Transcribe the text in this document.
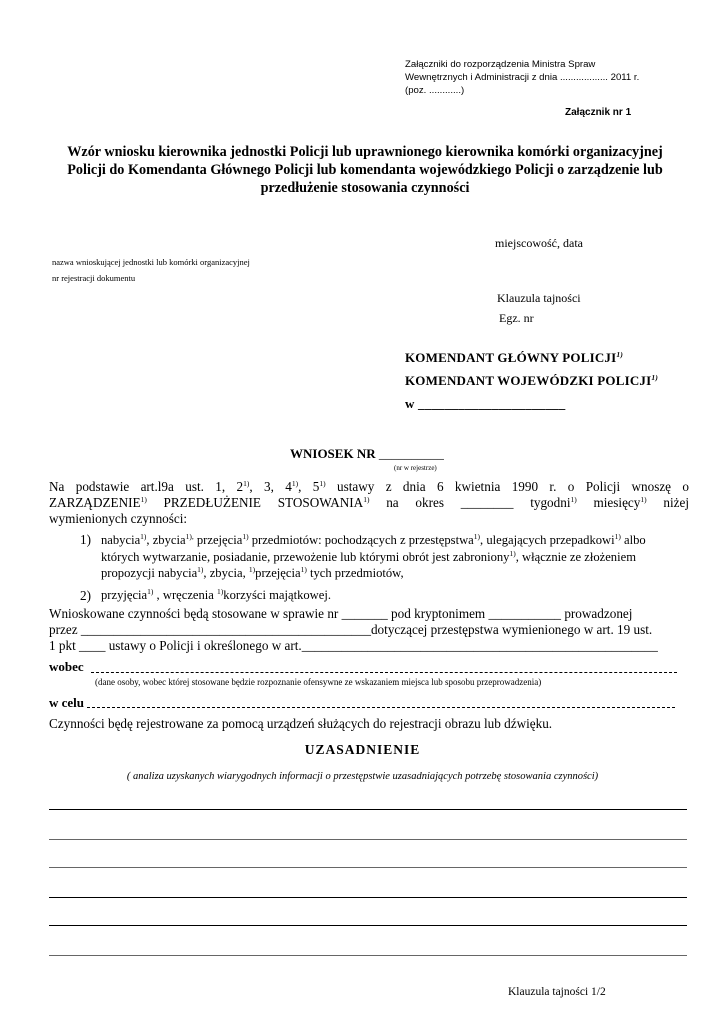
Załączniki do rozporządzenia Ministra Spraw
Wewnętrznych i Administracji z dnia .................. 2011 r.
(poz. ............)
Załącznik nr 1
Wzór wniosku kierownika jednostki Policji lub uprawnionego kierownika komórki organizacyjnej
Policji do Komendanta Głównego Policji lub komendanta wojewódzkiego Policji o zarządzenie lub
przedłużenie stosowania czynności
miejscowość, data
nazwa wnioskującej jednostki lub komórki organizacyjnej
nr rejestracji dokumentu
Klauzula tajności
Egz. nr
KOMENDANT GŁÓWNY POLICJI$^{1)}$
KOMENDANT WOJEWÓDZKI POLICJI$^{1)}$
w ______________________
WNIOSEK NR __________
(nr w rejestrze)
Na podstawie art.l9a ust. 1, 2$^{1)}$, 3, 4$^{1)}$, 5$^{1)}$ ustawy z dnia 6 kwietnia 1990 r. o Policji wnoszę o
ZARZĄDZENIE$^{1)}$ PRZEDŁUŻENIE STOSOWANIA$^{1)}$ na okres ________ tygodni$^{1)}$ miesięcy$^{1)}$ niżej
wymienionych czynności:
1) nabycia$^{1)}$, zbycia$^{1),}$ przejęcia$^{1)}$ przedmiotów: pochodzących z przestępstwa$^{1)}$, ulegających przepadkowi$^{1)}$ albo
których wytwarzanie, posiadanie, przewożenie lub którymi obrót jest zabroniony$^{1)}$, włącznie ze złożeniem
propozycji nabycia$^{1)}$, zbycia, $^{1)}$przejęcia$^{1)}$ tych przedmiotów,
2) przyjęcia$^{1)}$ , wręczenia $^{1)}$korzyści majątkowej.
Wnioskowane czynności będą stosowane w sprawie nr _______ pod kryptonimem ___________ prowadzonej
przez ____________________________________________dotyczącej przestępstwa wymienionego w art. 19 ust.
1 pkt ____ ustawy o Policji i określonego w art.______________________________________________________
wobec
(dane osoby, wobec której stosowane będzie rozpoznanie ofensywne ze wskazaniem miejsca lub sposobu przeprowadzenia)
w celu
Czynności będę rejestrowane za pomocą urządzeń służących do rejestracji obrazu lub dźwięku.
UZASADNIENIE
( analiza uzyskanych wiarygodnych informacji o przestępstwie uzasadniających potrzebę stosowania czynności)
Klauzula tajności 1/2
